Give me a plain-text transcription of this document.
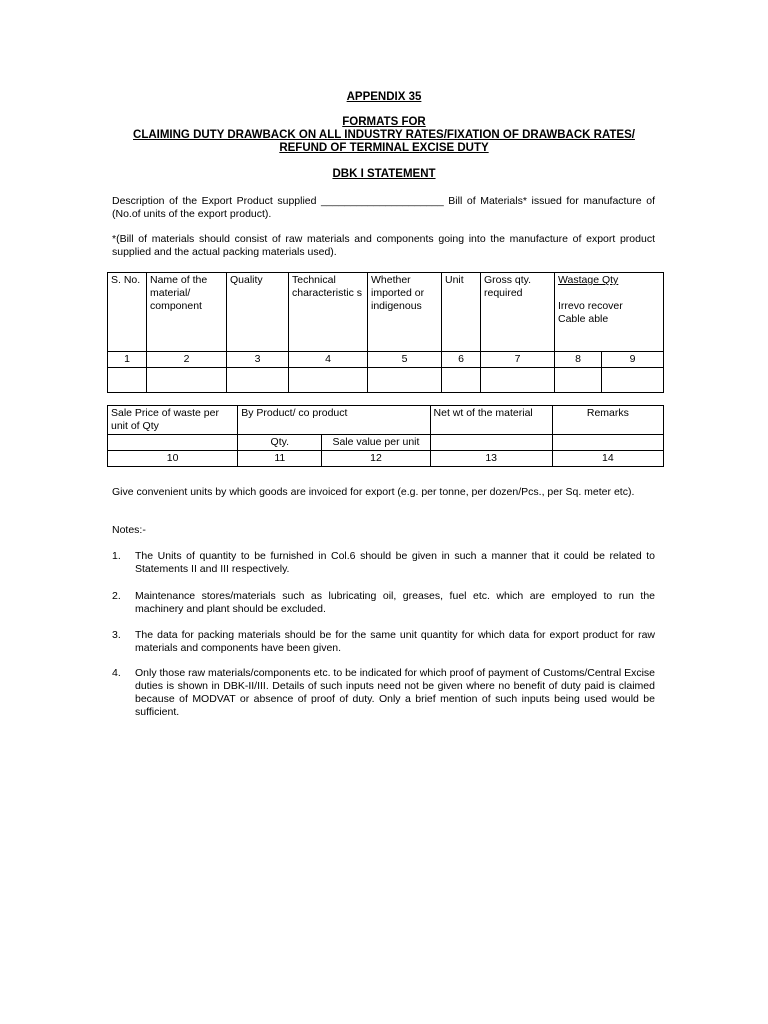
APPENDIX 35
FORMATS FOR
CLAIMING DUTY DRAWBACK ON ALL INDUSTRY RATES/FIXATION OF DRAWBACK RATES/
REFUND OF TERMINAL EXCISE DUTY
DBK I STATEMENT
Description of the Export Product supplied _____________________ Bill of Materials* issued for manufacture of (No.of units of the export product).
*(Bill of materials should consist of raw materials and components going into the manufacture of export product supplied and the actual packing materials used).
S. No.	Name of the material/ component	Quality	Technical characteristic s	Whether imported or indigenous	Unit	Gross qty. required	Wastage Qty
Irrevo recover
Cable able	

1	2	3	4	5	6	7	8	9

Sale Price of waste per unit of Qty	By Product/ co product		Net wt of the material	Remarks
	Qty.	Sale value per unit		
10	11	12	13	14
Give convenient units by which goods are invoiced for export (e.g. per tonne, per dozen/Pcs., per Sq. meter etc).
Notes:-
1.	The Units of quantity to be furnished in Col.6 should be given in such a manner that it could be related to Statements II and III respectively.
2.	Maintenance stores/materials such as lubricating oil, greases, fuel etc. which are employed to run the machinery and plant should be excluded.
3.	The data for packing materials should be for the same unit quantity for which data for export product for raw materials and components have been given.
4.	Only those raw materials/components etc. to be indicated for which proof of payment of Customs/Central Excise duties is shown in DBK-II/III. Details of such inputs need not be given where no benefit of duty paid is claimed because of MODVAT or absence of proof of duty. Only a brief mention of such inputs being used would be sufficient.
